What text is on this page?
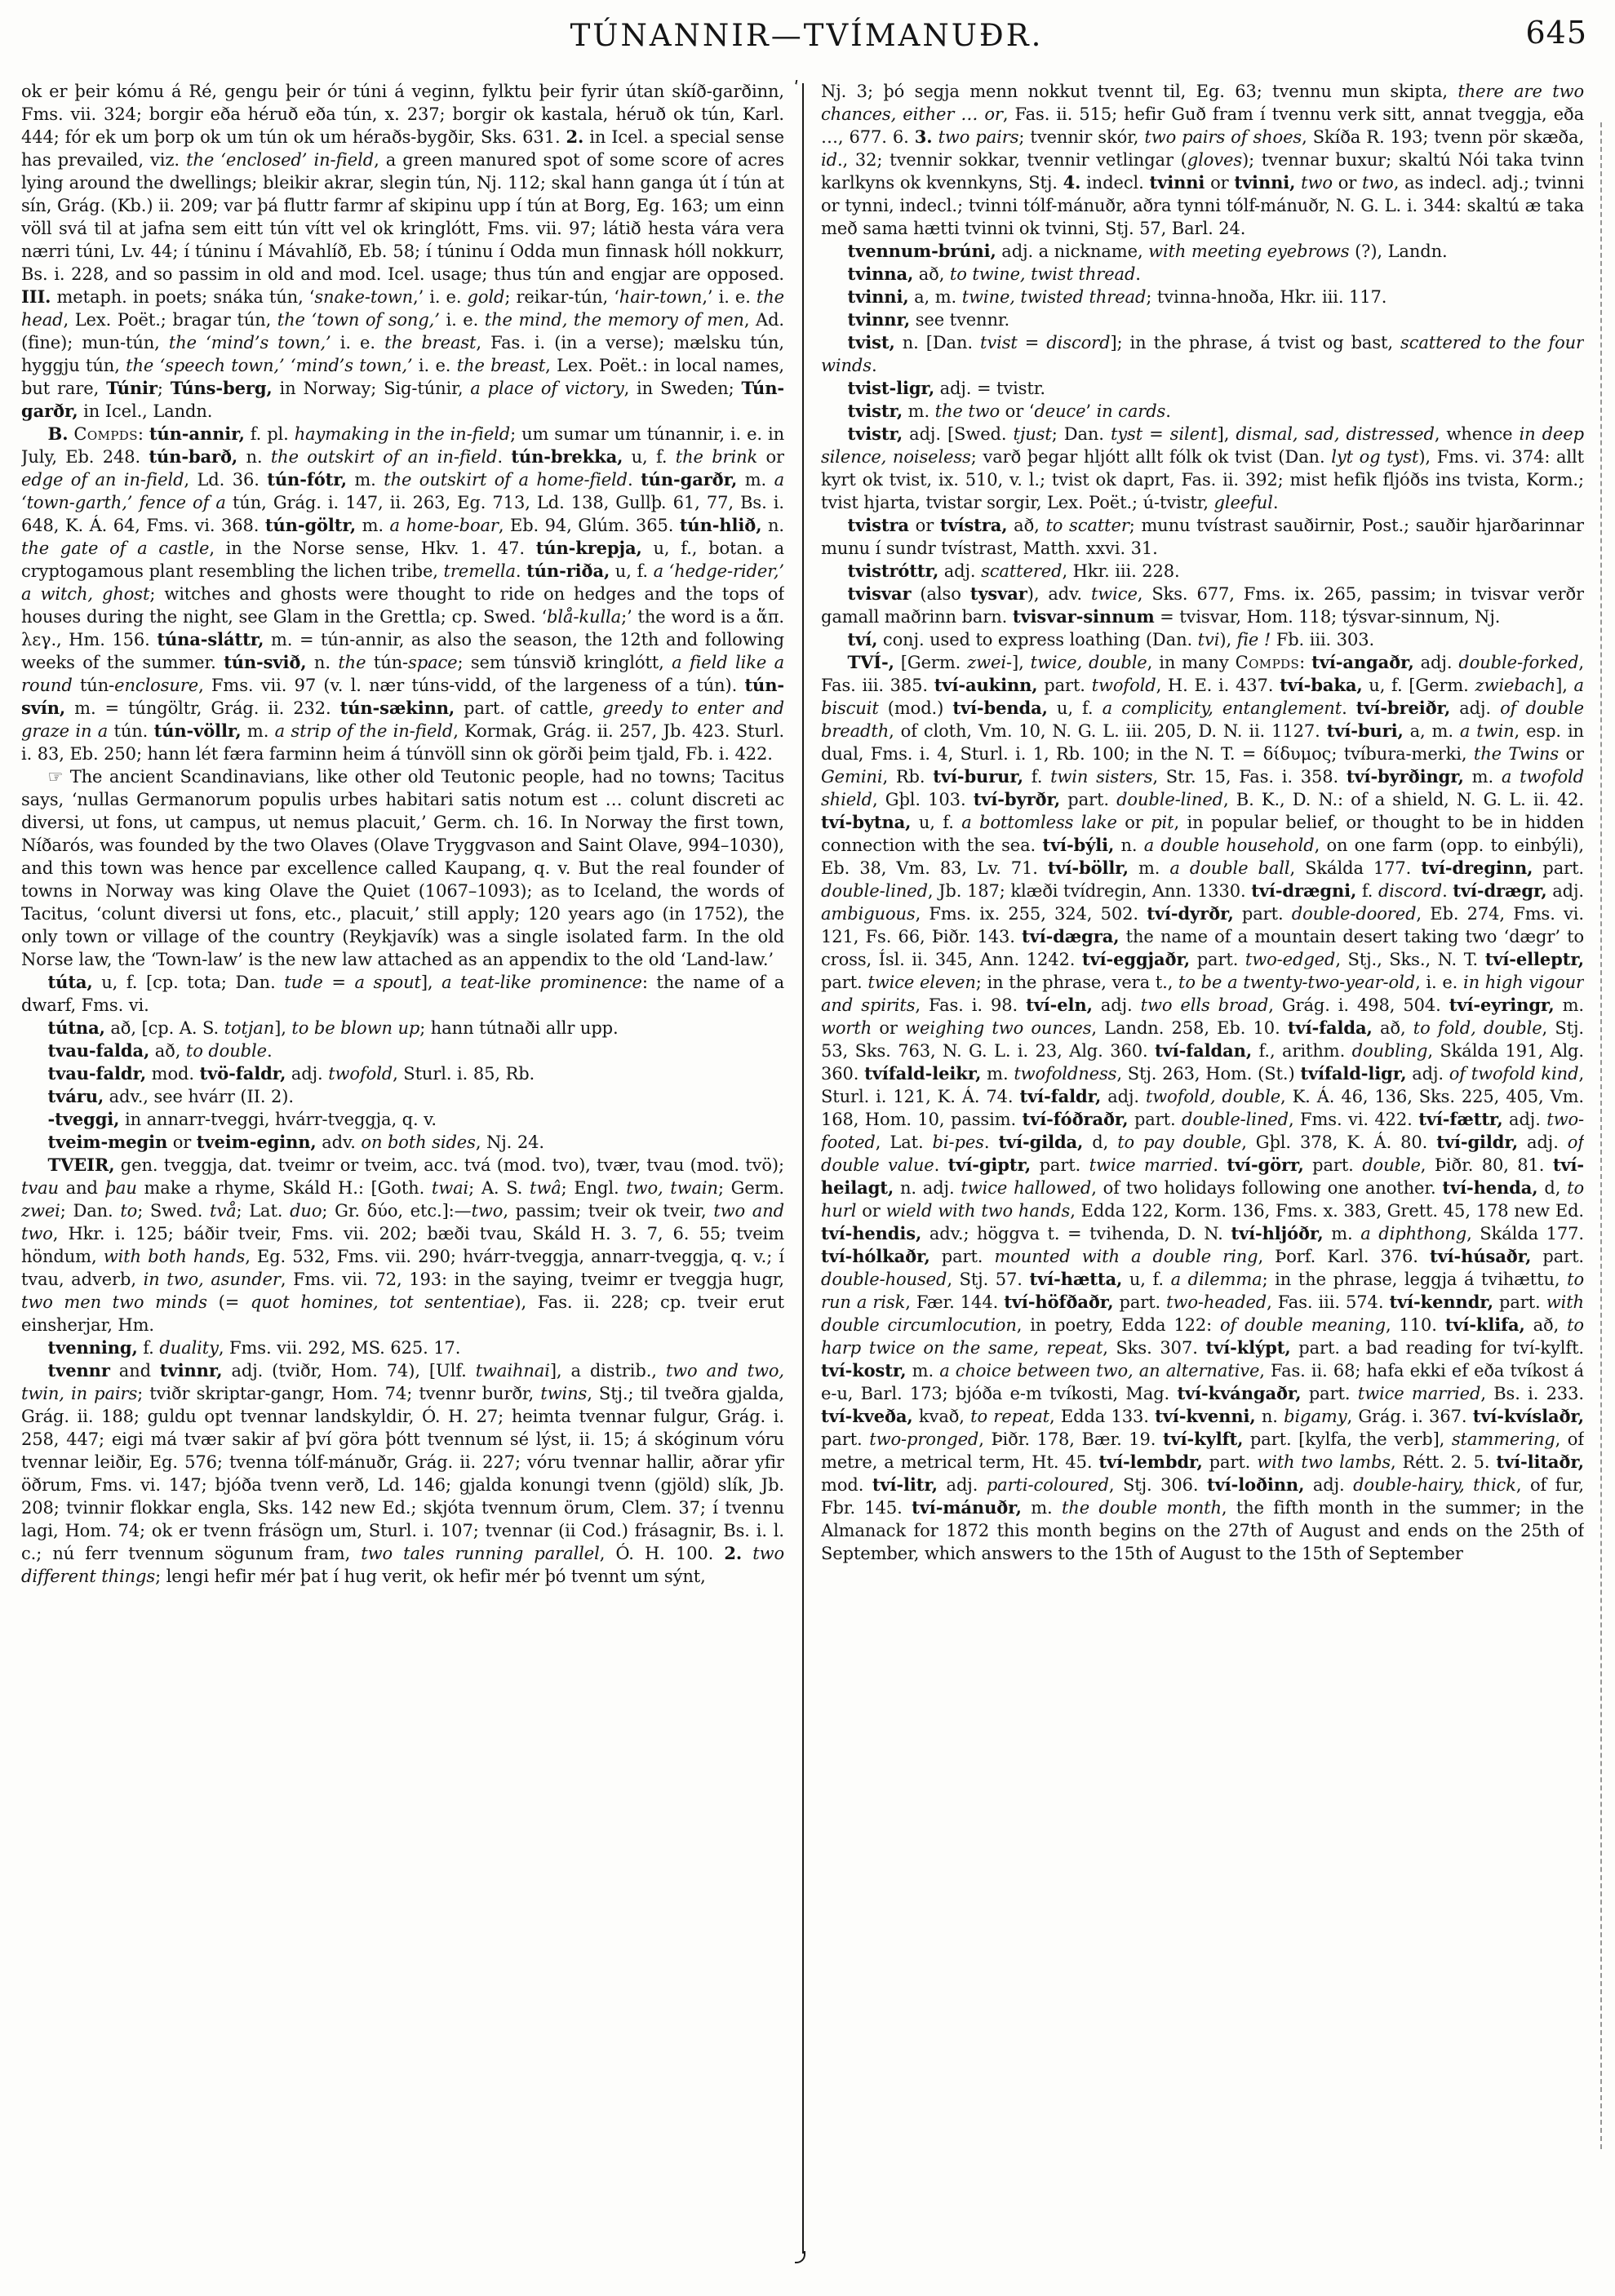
TÚNANNIR—TVÍMANUÐR.	645

ok er þeir kómu á Ré, gengu þeir ór túni á veginn, fylktu þeir fyrir útan skíð-garðinn, Fms. vii. 324; borgir eða héruð eða tún, x. 237; borgir ok kastala, héruð ok tún, Karl. 444; fór ek um þorp ok um tún ok um héraðs-bygðir, Sks. 631. 2. in Icel. a special sense has prevailed, viz. the ‘enclosed’ in-field, a green manured spot of some score of acres lying around the dwellings; bleikir akrar, slegin tún, Nj. 112; skal hann ganga út í tún at sín, Grág. (Kb.) ii. 209; var þá fluttr farmr af skipinu upp í tún at Borg, Eg. 163; um einn völl svá til at jafna sem eitt tún vítt vel ok kringlótt, Fms. vii. 97; látið hesta vára vera nærri túni, Lv. 44; í túninu í Mávahlíð, Eb. 58; í túninu í Odda mun finnask hóll nokkurr, Bs. i. 228, and so passim in old and mod. Icel. usage; thus tún and engjar are opposed. III. metaph. in poets; snáka tún, ‘snake-town,’ i. e. gold; reikar-tún, ‘hair-town,’ i. e. the head, Lex. Poët.; bragar tún, the ‘town of song,’ i. e. the mind, the memory of men, Ad. (fine); mun-tún, the ‘mind’s town,’ i. e. the breast, Fas. i. (in a verse); mælsku tún, hyggju tún, the ‘speech town,’ ‘mind’s town,’ i. e. the breast, Lex. Poët.: in local names, but rare, Túnir; Túns-berg, in Norway; Sig-túnir, a place of victory, in Sweden; Tún-garðr, in Icel., Landn.

B. Compds: tún-annir, f. pl. haymaking in the in-field; um sumar um túnannir, i. e. in July, Eb. 248. tún-barð, n. the outskirt of an in-field. tún-brekka, u, f. the brink or edge of an in-field, Ld. 36. tún-fótr, m. the outskirt of a home-field. tún-garðr, m. a ‘town-garth,’ fence of a tún, Grág. i. 147, ii. 263, Eg. 713, Ld. 138, Gullþ. 61, 77, Bs. i. 648, K. Á. 64, Fms. vi. 368. tún-göltr, m. a home-boar, Eb. 94, Glúm. 365. tún-hlið, n. the gate of a castle, in the Norse sense, Hkv. 1. 47. tún-krepja, u, f., botan. a cryptogamous plant resembling the lichen tribe, tremella. tún-riða, u, f. a ‘hedge-rider,’ a witch, ghost; witches and ghosts were thought to ride on hedges and the tops of houses during the night, see Glam in the Grettla; cp. Swed. ‘blå-kulla;’ the word is a ἅπ. λεγ., Hm. 156. túna-sláttr, m. = tún-annir, as also the season, the 12th and following weeks of the summer. tún-svið, n. the tún-space; sem túnsvið kringlótt, a field like a round tún-enclosure, Fms. vii. 97 (v. l. nær túns-vidd, of the largeness of a tún). tún-svín, m. = túngöltr, Grág. ii. 232. tún-sækinn, part. of cattle, greedy to enter and graze in a tún. tún-völlr, m. a strip of the in-field, Kormak, Grág. ii. 257, Jb. 423. Sturl. i. 83, Eb. 250; hann lét færa farminn heim á túnvöll sinn ok görði þeim tjald, Fb. i. 422.

☞ The ancient Scandinavians, like other old Teutonic people, had no towns; Tacitus says, ‘nullas Germanorum populis urbes habitari satis notum est … colunt discreti ac diversi, ut fons, ut campus, ut nemus placuit,’ Germ. ch. 16. In Norway the first town, Níðarós, was founded by the two Olaves (Olave Tryggvason and Saint Olave, 994–1030), and this town was hence par excellence called Kaupang, q. v. But the real founder of towns in Norway was king Olave the Quiet (1067–1093); as to Iceland, the words of Tacitus, ‘colunt diversi ut fons, etc., placuit,’ still apply; 120 years ago (in 1752), the only town or village of the country (Reykjavík) was a single isolated farm. In the old Norse law, the ‘Town-law’ is the new law attached as an appendix to the old ‘Land-law.’

túta, u, f. [cp. tota; Dan. tude = a spout], a teat-like prominence: the name of a dwarf, Fms. vi.

tútna, að, [cp. A. S. totjan], to be blown up; hann tútnaði allr upp.

tvau-falda, að, to double.

tvau-faldr, mod. tvö-faldr, adj. twofold, Sturl. i. 85, Rb.

tváru, adv., see hvárr (II. 2).

-tveggi, in annarr-tveggi, hvárr-tveggja, q. v.

tveim-megin or tveim-eginn, adv. on both sides, Nj. 24.

TVEIR, gen. tveggja, dat. tveimr or tveim, acc. tvá (mod. tvo), tvær, tvau (mod. tvö); tvau and þau make a rhyme, Skáld H.: [Goth. twai; A. S. twâ; Engl. two, twain; Germ. zwei; Dan. to; Swed. två; Lat. duo; Gr. δύο, etc.]:—two, passim; tveir ok tveir, two and two, Hkr. i. 125; báðir tveir, Fms. vii. 202; bæði tvau, Skáld H. 3. 7, 6. 55; tveim höndum, with both hands, Eg. 532, Fms. vii. 290; hvárr-tveggja, annarr-tveggja, q. v.; í tvau, adverb, in two, asunder, Fms. vii. 72, 193: in the saying, tveimr er tveggja hugr, two men two minds (= quot homines, tot sententiae), Fas. ii. 228; cp. tveir erut einsherjar, Hm.

tvenning, f. duality, Fms. vii. 292, MS. 625. 17.

tvennr and tvinnr, adj. (tviðr, Hom. 74), [Ulf. twaihnai], a distrib., two and two, twin, in pairs; tviðr skriptar-gangr, Hom. 74; tvennr burðr, twins, Stj.; til tveðra gjalda, Grág. ii. 188; guldu opt tvennar landskyldir, Ó. H. 27; heimta tvennar fulgur, Grág. i. 258, 447; eigi má tvær sakir af því göra þótt tvennum sé lýst, ii. 15; á skóginum vóru tvennar leiðir, Eg. 576; tvenna tólf-mánuðr, Grág. ii. 227; vóru tvennar hallir, aðrar yfir öðrum, Fms. vi. 147; bjóða tvenn verð, Ld. 146; gjalda konungi tvenn (gjöld) slík, Jb. 208; tvinnir flokkar engla, Sks. 142 new Ed.; skjóta tvennum örum, Clem. 37; í tvennu lagi, Hom. 74; ok er tvenn frásögn um, Sturl. i. 107; tvennar (ii Cod.) frásagnir, Bs. i. l. c.; nú ferr tvennum sögunum fram, two tales running parallel, Ó. H. 100. 2. two different things; lengi hefir mér þat í hug verit, ok hefir mér þó tvennt um sýnt,

Nj. 3; þó segja menn nokkut tvennt til, Eg. 63; tvennu mun skipta, there are two chances, either … or, Fas. ii. 515; hefir Guð fram í tvennu verk sitt, annat tveggja, eða …, 677. 6. 3. two pairs; tvennir skór, two pairs of shoes, Skíða R. 193; tvenn pör skæða, id., 32; tvennir sokkar, tvennir vetlingar (gloves); tvennar buxur; skaltú Nói taka tvinn karlkyns ok kvennkyns, Stj. 4. indecl. tvinni or tvinni, two or two, as indecl. adj.; tvinni or tynni, indecl.; tvinni tólf-mánuðr, aðra tynni tólf-mánuðr, N. G. L. i. 344: skaltú æ taka með sama hætti tvinni ok tvinni, Stj. 57, Barl. 24.

tvennum-brúni, adj. a nickname, with meeting eyebrows (?), Landn.

tvinna, að, to twine, twist thread.

tvinni, a, m. twine, twisted thread; tvinna-hnoða, Hkr. iii. 117.

tvinnr, see tvennr.

tvist, n. [Dan. tvist = discord]; in the phrase, á tvist og bast, scattered to the four winds.

tvist-ligr, adj. = tvistr.

tvistr, m. the two or ‘deuce’ in cards.

tvistr, adj. [Swed. tjust; Dan. tyst = silent], dismal, sad, distressed, whence in deep silence, noiseless; varð þegar hljótt allt fólk ok tvist (Dan. lyt og tyst), Fms. vi. 374: allt kyrt ok tvist, ix. 510, v. l.; tvist ok daprt, Fas. ii. 392; mist hefik fljóðs ins tvista, Korm.; tvist hjarta, tvistar sorgir, Lex. Poët.; ú-tvistr, gleeful.

tvistra or tvístra, að, to scatter; munu tvístrast sauðirnir, Post.; sauðir hjarðarinnar munu í sundr tvístrast, Matth. xxvi. 31.

tvistróttr, adj. scattered, Hkr. iii. 228.

tvisvar (also tysvar), adv. twice, Sks. 677, Fms. ix. 265, passim; in tvisvar verðr gamall maðrinn barn. tvisvar-sinnum = tvisvar, Hom. 118; týsvar-sinnum, Nj.

tví, conj. used to express loathing (Dan. tvi), fie ! Fb. iii. 303.

TVÍ-, [Germ. zwei-], twice, double, in many Compds: tví-angaðr, adj. double-forked, Fas. iii. 385. tví-aukinn, part. twofold, H. E. i. 437. tví-baka, u, f. [Germ. zwiebach], a biscuit (mod.) tví-benda, u, f. a complicity, entanglement. tví-breiðr, adj. of double breadth, of cloth, Vm. 10, N. G. L. iii. 205, D. N. ii. 1127. tví-buri, a, m. a twin, esp. in dual, Fms. i. 4, Sturl. i. 1, Rb. 100; in the N. T. = δίδυμος; tvíbura-merki, the Twins or Gemini, Rb. tví-burur, f. twin sisters, Str. 15, Fas. i. 358. tví-byrðingr, m. a twofold shield, Gþl. 103. tví-byrðr, part. double-lined, B. K., D. N.: of a shield, N. G. L. ii. 42. tví-bytna, u, f. a bottomless lake or pit, in popular belief, or thought to be in hidden connection with the sea. tví-býli, n. a double household, on one farm (opp. to einbýli), Eb. 38, Vm. 83, Lv. 71. tví-böllr, m. a double ball, Skálda 177. tví-dreginn, part. double-lined, Jb. 187; klæði tvídregin, Ann. 1330. tví-drægni, f. discord. tví-drægr, adj. ambiguous, Fms. ix. 255, 324, 502. tví-dyrðr, part. double-doored, Eb. 274, Fms. vi. 121, Fs. 66, Þiðr. 143. tví-dægra, the name of a mountain desert taking two ‘dægr’ to cross, Ísl. ii. 345, Ann. 1242. tví-eggjaðr, part. two-edged, Stj., Sks., N. T. tví-elleptr, part. twice eleven; in the phrase, vera t., to be a twenty-two-year-old, i. e. in high vigour and spirits, Fas. i. 98. tví-eln, adj. two ells broad, Grág. i. 498, 504. tví-eyringr, m. worth or weighing two ounces, Landn. 258, Eb. 10. tví-falda, að, to fold, double, Stj. 53, Sks. 763, N. G. L. i. 23, Alg. 360. tví-faldan, f., arithm. doubling, Skálda 191, Alg. 360. tvífald-leikr, m. twofoldness, Stj. 263, Hom. (St.) tvífald-ligr, adj. of twofold kind, Sturl. i. 121, K. Á. 74. tví-faldr, adj. twofold, double, K. Á. 46, 136, Sks. 225, 405, Vm. 168, Hom. 10, passim. tví-fóðraðr, part. double-lined, Fms. vi. 422. tví-fættr, adj. two-footed, Lat. bi-pes. tví-gilda, d, to pay double, Gþl. 378, K. Á. 80. tví-gildr, adj. of double value. tví-giptr, part. twice married. tví-görr, part. double, Þiðr. 80, 81. tví-heilagt, n. adj. twice hallowed, of two holidays following one another. tví-henda, d, to hurl or wield with two hands, Edda 122, Korm. 136, Fms. x. 383, Grett. 45, 178 new Ed. tví-hendis, adv.; höggva t. = tvihenda, D. N. tví-hljóðr, m. a diphthong, Skálda 177. tví-hólkaðr, part. mounted with a double ring, Þorf. Karl. 376. tví-húsaðr, part. double-housed, Stj. 57. tví-hætta, u, f. a dilemma; in the phrase, leggja á tvihættu, to run a risk, Fær. 144. tví-höfðaðr, part. two-headed, Fas. iii. 574. tví-kenndr, part. with double circumlocution, in poetry, Edda 122: of double meaning, 110. tví-klifa, að, to harp twice on the same, repeat, Sks. 307. tví-klýpt, part. a bad reading for tví-kylft. tví-kostr, m. a choice between two, an alternative, Fas. ii. 68; hafa ekki ef eða tvíkost á e-u, Barl. 173; bjóða e-m tvíkosti, Mag. tví-kvángaðr, part. twice married, Bs. i. 233. tví-kveða, kvað, to repeat, Edda 133. tví-kvenni, n. bigamy, Grág. i. 367. tví-kvíslaðr, part. two-pronged, Þiðr. 178, Bær. 19. tví-kylft, part. [kylfa, the verb], stammering, of metre, a metrical term, Ht. 45. tví-lembdr, part. with two lambs, Rétt. 2. 5. tví-litaðr, mod. tví-litr, adj. parti-coloured, Stj. 306. tví-loðinn, adj. double-hairy, thick, of fur, Fbr. 145. tví-mánuðr, m. the double month, the fifth month in the summer; in the Almanack for 1872 this month begins on the 27th of August and ends on the 25th of September, which answers to the 15th of August to the 15th of September
